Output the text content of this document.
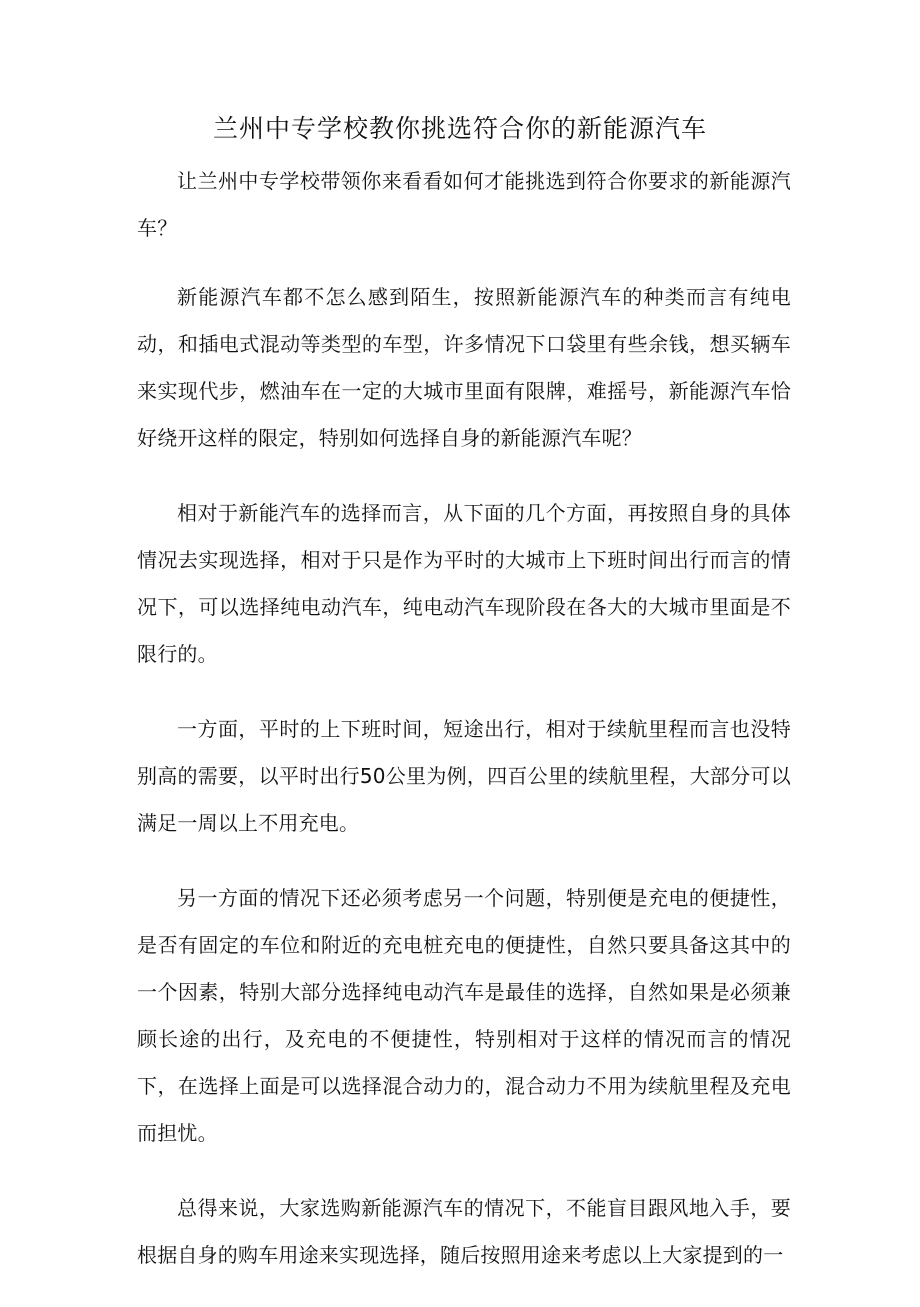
兰州中专学校教你挑选符合你的新能源汽车

让兰州中专学校带领你来看看如何才能挑选到符合你要求的新能源汽车？

新能源汽车都不怎么感到陌生，按照新能源汽车的种类而言有纯电动，和插电式混动等类型的车型，许多情况下口袋里有些余钱，想买辆车来实现代步，燃油车在一定的大城市里面有限牌，难摇号，新能源汽车恰好绕开这样的限定，特别如何选择自身的新能源汽车呢？

相对于新能汽车的选择而言，从下面的几个方面，再按照自身的具体情况去实现选择，相对于只是作为平时的大城市上下班时间出行而言的情况下，可以选择纯电动汽车，纯电动汽车现阶段在各大的大城市里面是不限行的。

一方面，平时的上下班时间，短途出行，相对于续航里程而言也没特别高的需要，以平时出行50公里为例，四百公里的续航里程，大部分可以满足一周以上不用充电。

另一方面的情况下还必须考虑另一个问题，特别便是充电的便捷性，是否有固定的车位和附近的充电桩充电的便捷性，自然只要具备这其中的一个因素，特别大部分选择纯电动汽车是最佳的选择，自然如果是必须兼顾长途的出行，及充电的不便捷性，特别相对于这样的情况而言的情况下，在选择上面是可以选择混合动力的，混合动力不用为续航里程及充电而担忧。

总得来说，大家选购新能源汽车的情况下，不能盲目跟风地入手，要根据自身的购车用途来实现选择，随后按照用途来考虑以上大家提到的一
